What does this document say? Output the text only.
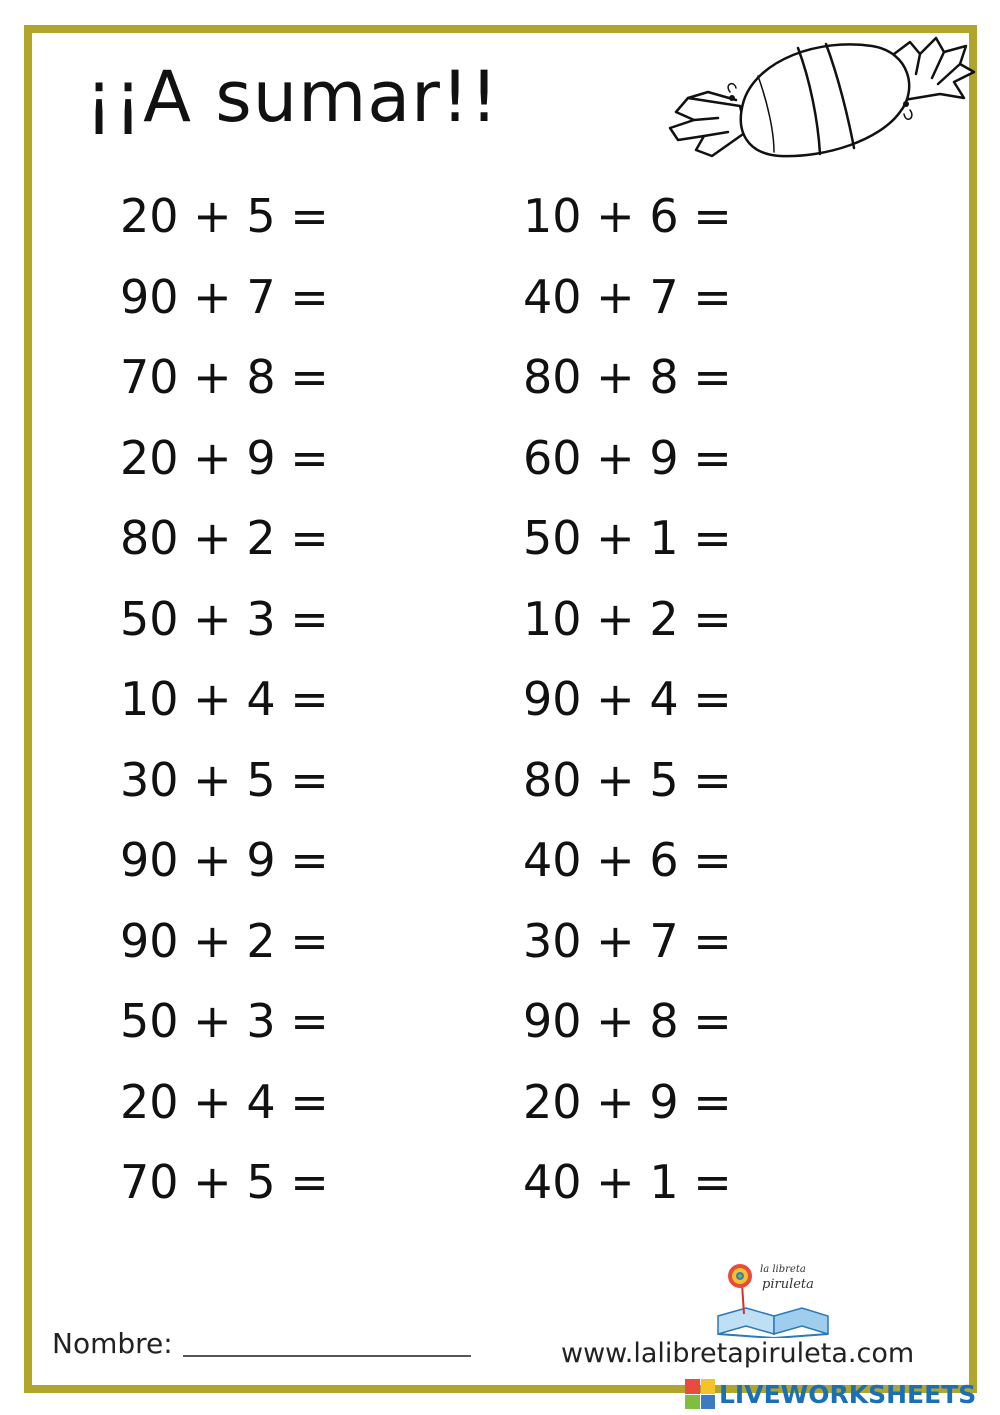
¡¡A sumar!!
20 + 5 =
90 + 7 =
70 + 8 =
20 + 9 =
80 + 2 =
50 + 3 =
10 + 4 =
30 + 5 =
90 + 9 =
90 + 2 =
50 + 3 =
20 + 4 =
70 + 5 =
10 + 6 =
40 + 7 =
80 + 8 =
60 + 9 =
50 + 1 =
10 + 2 =
90 + 4 =
80 + 5 =
40 + 6 =
30 + 7 =
90 + 8 =
20 + 9 =
40 + 1 =
la libreta
piruleta
Nombre:	www.lalibretapiruleta.com
LIVEWORKSHEETS
